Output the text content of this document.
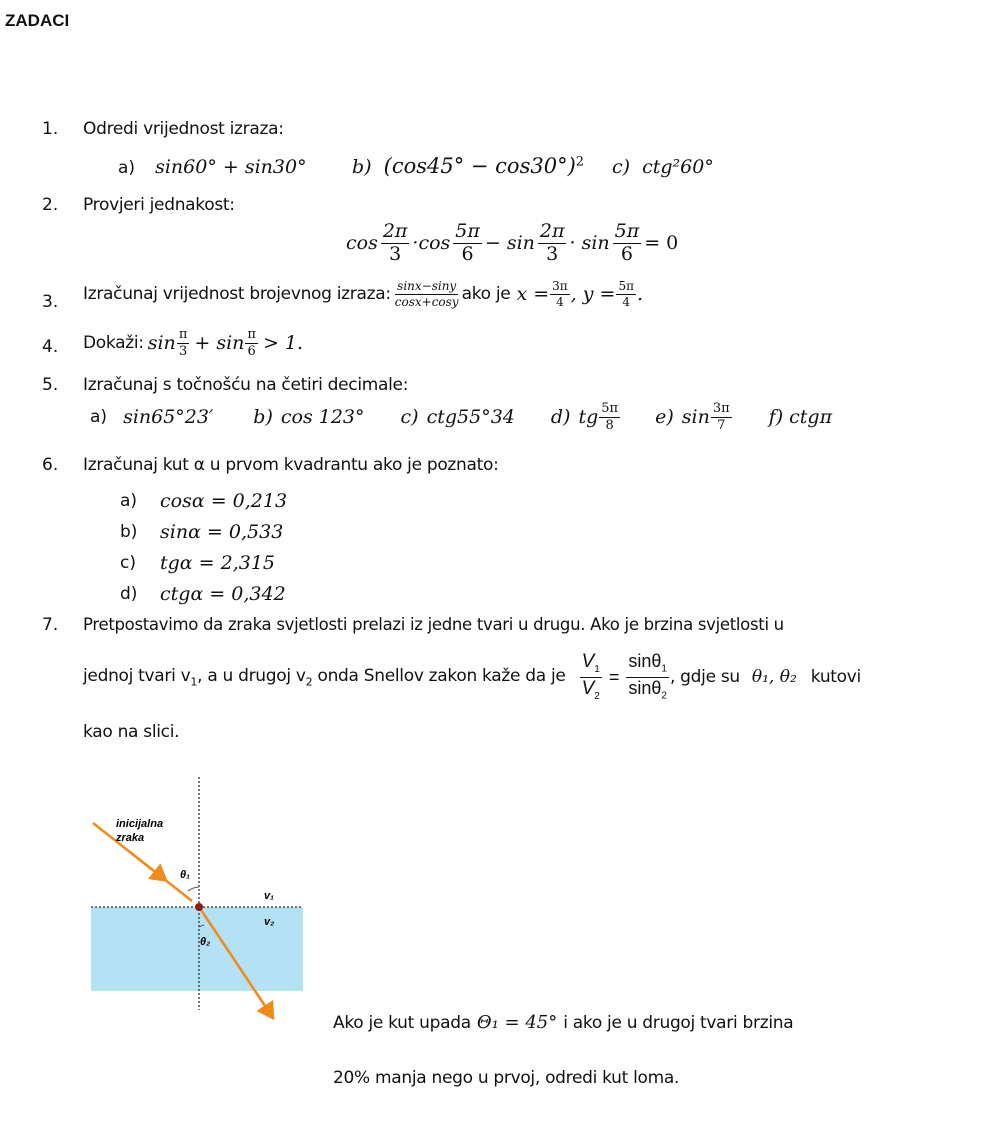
ZADACI
1. Odredi vrijednost izraza:
a) sin60° + sin30° b) $(\cos 45^\circ - \cos 30^\circ)^2$ c) ctg²60°
2. Provjeri jednakost:
$\cos \frac{2\pi}{3} \cdot\cos \frac{5\pi}{6} - \sin \frac{2\pi}{3} \cdot \sin \frac{5\pi}{6} = 0$
3. Izračunaj vrijednost brojevnog izraza: $\frac{\sin x-\sin y}{\cos x+\cos y}$ ako je $x = \frac{3\pi}{4}$ , $y = \frac{5\pi}{4}$ .
4. Dokaži: $\sin \frac{\pi}{3} + \sin \frac{\pi}{6} > 1$.
5. Izračunaj s točnošću na četiri decimale:
a) sin65°23′ b) cos 123° c) ctg55°34 d) tg $\frac{5\pi}{8} e$) $\sin \frac{3\pi}{7} f$) ctgπ
6. Izračunaj kut α u prvom kvadrantu ako je poznato:
a)	cosα = 0,213
b)	sinα = 0,533
c)	tgα = 2,315
d)	ctgα = 0,342
7. Pretpostavimo da zraka svjetlosti prelazi iz jedne tvari u drugu. Ako je brzina svjetlosti u
jednoj tvari $v_1$, a u drugoj $v_2$ onda Snellov zakon kaže da je $\frac{V_1}{V_2} = \frac{\sin\theta_1}{\sin\theta_2}$ , gdje su θ₁, θ₂ kutovi
kao na slici.
inicijalna
zraka
θ₁
θ₂
v₁
v₂
Ako je kut upada Θ₁ = 45° i ako je u drugoj tvari brzina
20% manja nego u prvoj, odredi kut loma.
